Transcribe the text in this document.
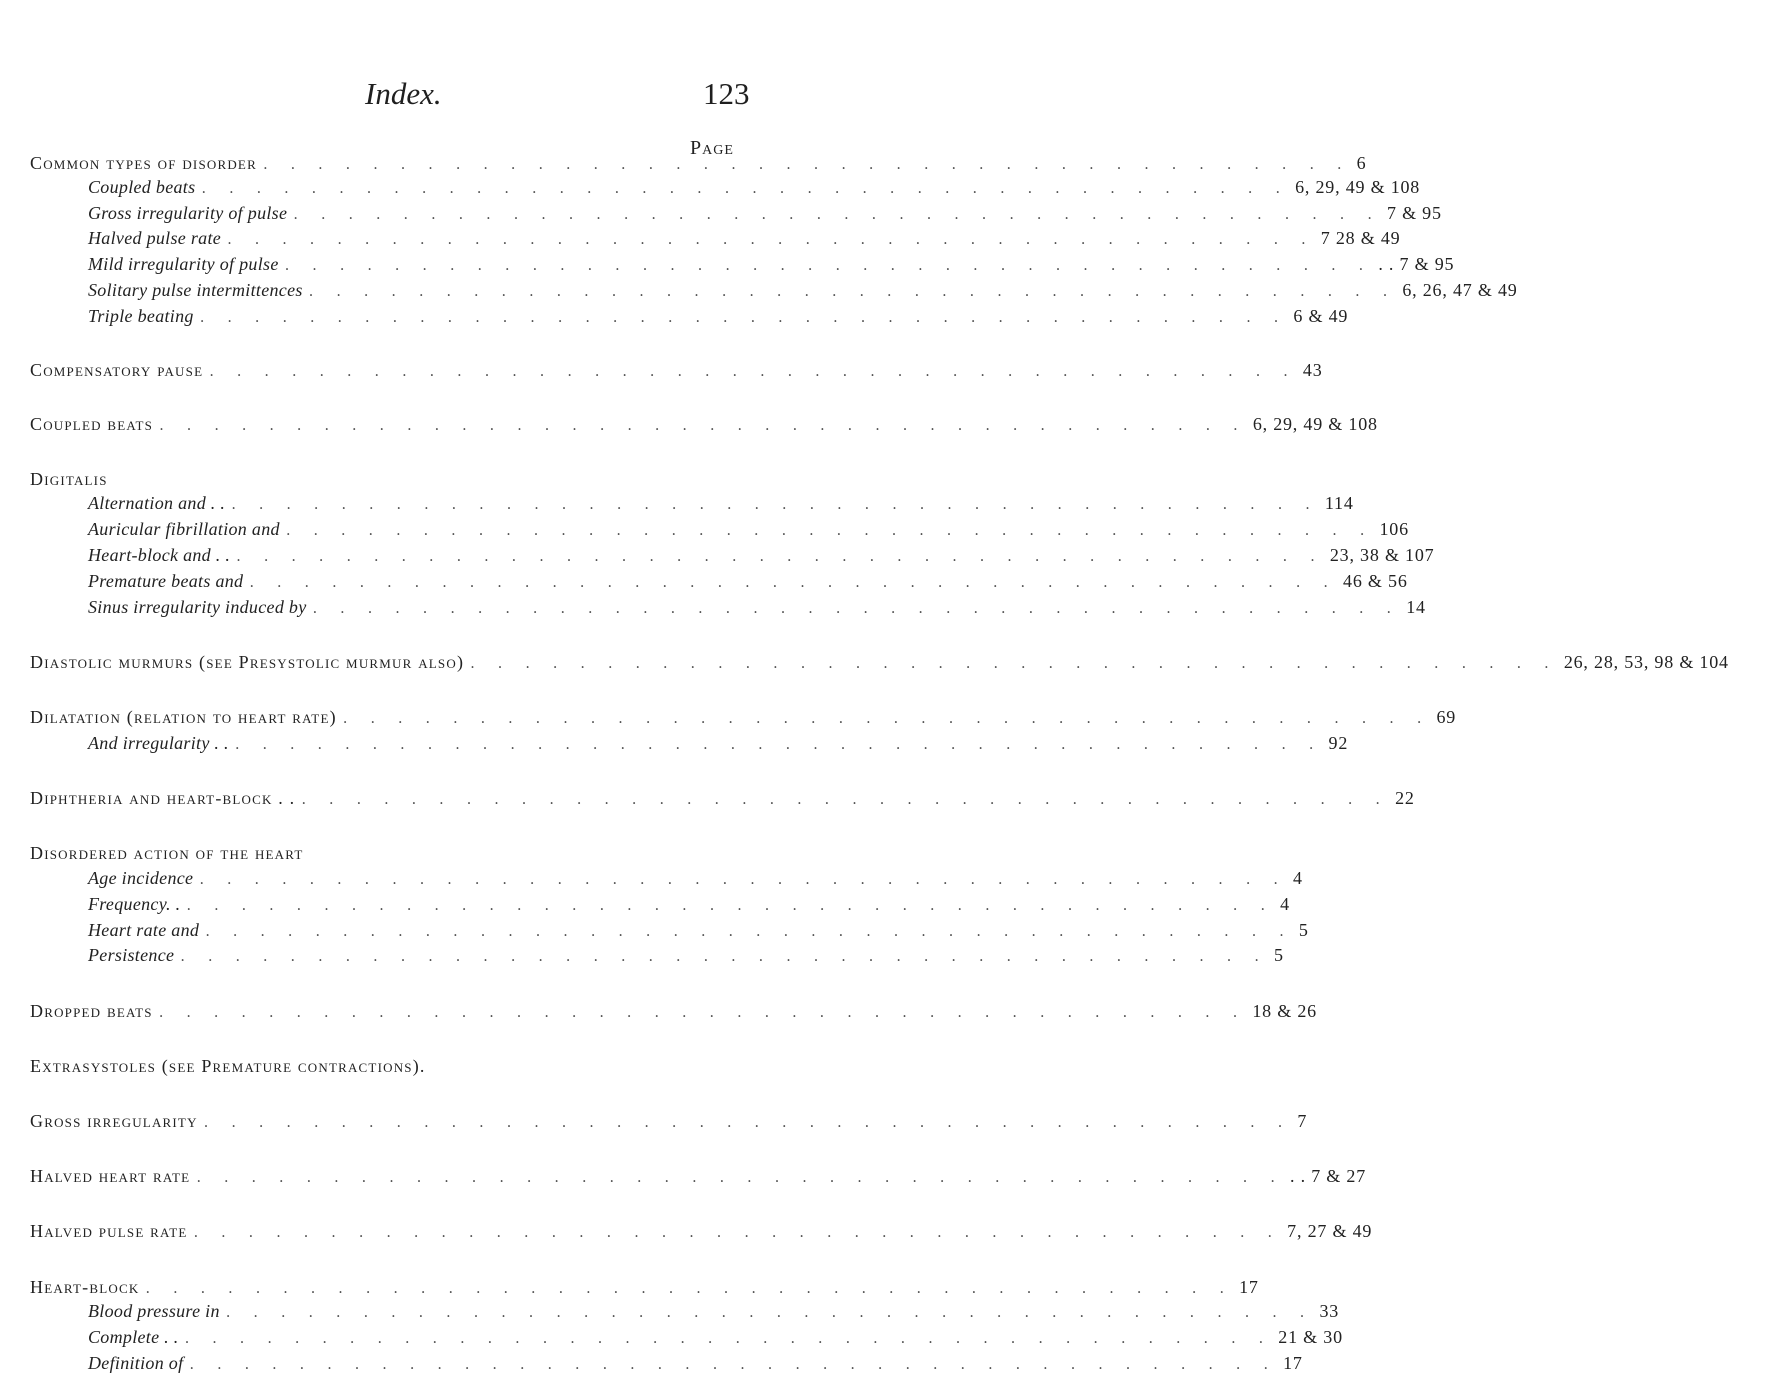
Index.	123
Page
Common types of disorder . . . . . . . . . . . . . . . . . . . . . . . . . . . . . . . . . . . . . . . . 6
Coupled beats . . . . . . . . . . . . . . . . . . . . . . . . . . . . . . . . . . . . . . . . 6, 29, 49 & 108
Gross irregularity of pulse . . . . . . . . . . . . . . . . . . . . . . . . . . . . . . . . . . . . . . . . 7 & 95
Halved pulse rate . . . . . . . . . . . . . . . . . . . . . . . . . . . . . . . . . . . . . . . . 7 28 & 49
Mild irregularity of pulse . . . . . . . . . . . . . . . . . . . . . . . . . . . . . . . . . . . . . . . . . . 7 & 95
Solitary pulse intermittences . . . . . . . . . . . . . . . . . . . . . . . . . . . . . . . . . . . . . . . . 6, 26, 47 & 49
Triple beating . . . . . . . . . . . . . . . . . . . . . . . . . . . . . . . . . . . . . . . . 6 & 49
Compensatory pause . . . . . . . . . . . . . . . . . . . . . . . . . . . . . . . . . . . . . . . . 43
Coupled beats . . . . . . . . . . . . . . . . . . . . . . . . . . . . . . . . . . . . . . . . 6, 29, 49 & 108
Digitalis
Alternation and . . . . . . . . . . . . . . . . . . . . . . . . . . . . . . . . . . . . . . . . . . 114
Auricular fibrillation and . . . . . . . . . . . . . . . . . . . . . . . . . . . . . . . . . . . . . . . . 106
Heart-block and . . . . . . . . . . . . . . . . . . . . . . . . . . . . . . . . . . . . . . . . . . 23, 38 & 107
Premature beats and . . . . . . . . . . . . . . . . . . . . . . . . . . . . . . . . . . . . . . . . 46 & 56
Sinus irregularity induced by . . . . . . . . . . . . . . . . . . . . . . . . . . . . . . . . . . . . . . . . 14
Diastolic murmurs (see Presystolic murmur also) . . . . . . . . . . . . . . . . . . . . . . . . . . . . . . . . . . . . . . . . 26, 28, 53, 98 & 104
Dilatation (relation to heart rate) . . . . . . . . . . . . . . . . . . . . . . . . . . . . . . . . . . . . . . . . 69
And irregularity . . . . . . . . . . . . . . . . . . . . . . . . . . . . . . . . . . . . . . . . . . 92
Diphtheria and heart-block . . . . . . . . . . . . . . . . . . . . . . . . . . . . . . . . . . . . . . . . . . 22
Disordered action of the heart
Age incidence . . . . . . . . . . . . . . . . . . . . . . . . . . . . . . . . . . . . . . . . 4
Frequency. . . . . . . . . . . . . . . . . . . . . . . . . . . . . . . . . . . . . . . . . . 4
Heart rate and . . . . . . . . . . . . . . . . . . . . . . . . . . . . . . . . . . . . . . . . 5
Persistence . . . . . . . . . . . . . . . . . . . . . . . . . . . . . . . . . . . . . . . . 5
Dropped beats . . . . . . . . . . . . . . . . . . . . . . . . . . . . . . . . . . . . . . . . 18 & 26
Extrasystoles (see Premature contractions).
Gross irregularity . . . . . . . . . . . . . . . . . . . . . . . . . . . . . . . . . . . . . . . . 7
Halved heart rate . . . . . . . . . . . . . . . . . . . . . . . . . . . . . . . . . . . . . . . . . . 7 & 27
Halved pulse rate . . . . . . . . . . . . . . . . . . . . . . . . . . . . . . . . . . . . . . . . 7, 27 & 49
Heart-block . . . . . . . . . . . . . . . . . . . . . . . . . . . . . . . . . . . . . . . . 17
Blood pressure in . . . . . . . . . . . . . . . . . . . . . . . . . . . . . . . . . . . . . . . . 33
Complete . . . . . . . . . . . . . . . . . . . . . . . . . . . . . . . . . . . . . . . . . . 21 & 30
Definition of . . . . . . . . . . . . . . . . . . . . . . . . . . . . . . . . . . . . . . . . 17
